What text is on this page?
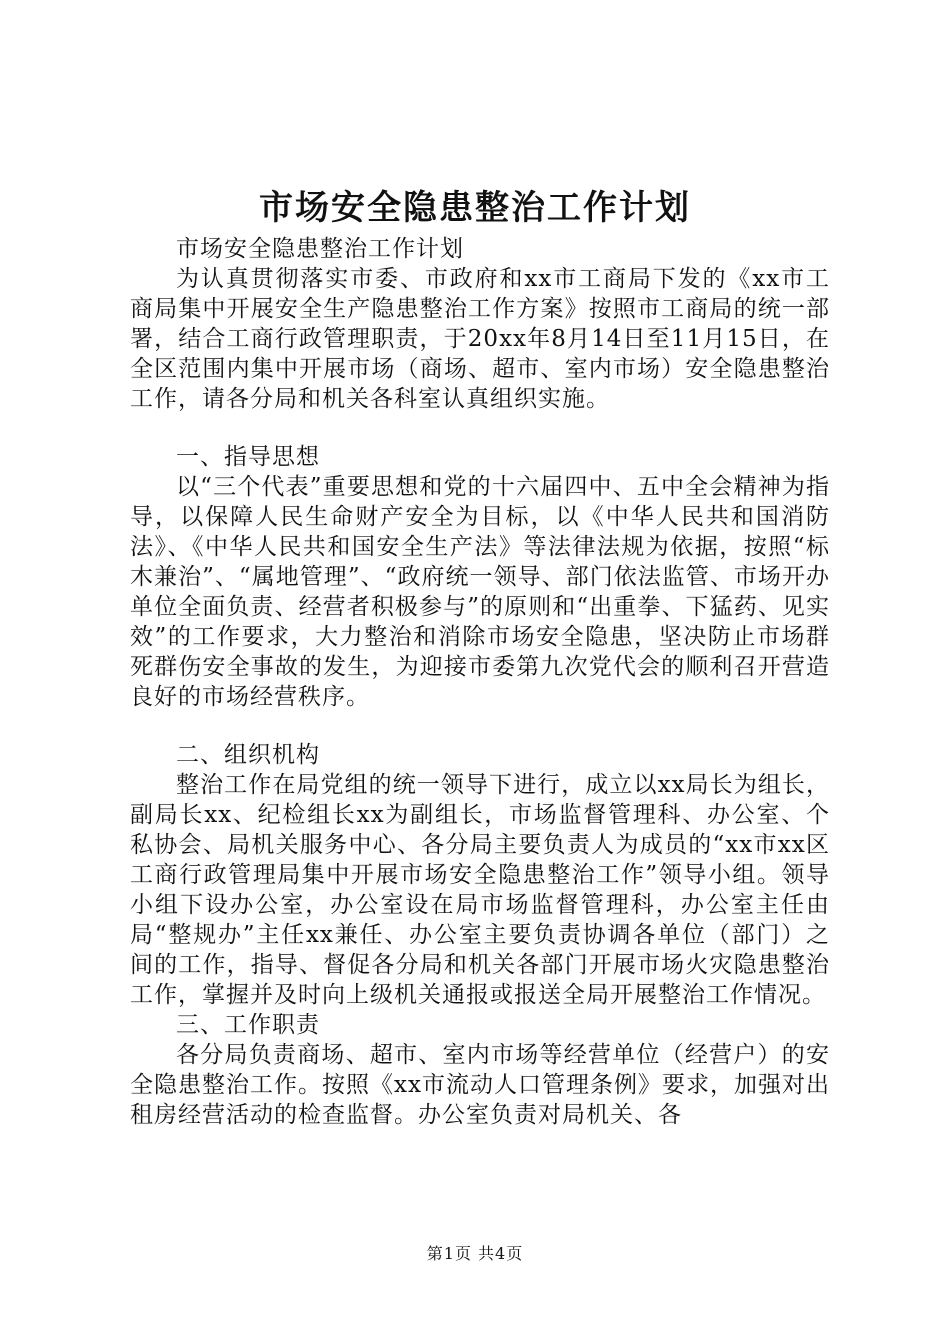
市场安全隐患整治工作计划

市场安全隐患整治工作计划

为认真贯彻落实市委、市政府和xx市工商局下发的《xx市工商局集中开展安全生产隐患整治工作方案》按照市工商局的统一部署，结合工商行政管理职责，于20xx年8月14日至11月15日，在全区范围内集中开展市场（商场、超市、室内市场）安全隐患整治工作，请各分局和机关各科室认真组织实施。

一、指导思想

以“三个代表”重要思想和党的十六届四中、五中全会精神为指导，以保障人民生命财产安全为目标，以《中华人民共和国消防法》、《中华人民共和国安全生产法》等法律法规为依据，按照“标木兼治”、“属地管理”、“政府统一领导、部门依法监管、市场开办单位全面负责、经营者积极参与”的原则和“出重拳、下猛药、见实效”的工作要求，大力整治和消除市场安全隐患，坚决防止市场群死群伤安全事故的发生，为迎接市委第九次党代会的顺利召开营造良好的市场经营秩序。

二、组织机构

整治工作在局党组的统一领导下进行，成立以xx局长为组长，副局长xx、纪检组长xx为副组长，市场监督管理科、办公室、个私协会、局机关服务中心、各分局主要负责人为成员的“xx市xx区工商行政管理局集中开展市场安全隐患整治工作”领导小组。领导小组下设办公室，办公室设在局市场监督管理科，办公室主任由局“整规办”主任xx兼任、办公室主要负责协调各单位（部门）之间的工作，指导、督促各分局和机关各部门开展市场火灾隐患整治工作，掌握并及时向上级机关通报或报送全局开展整治工作情况。

三、工作职责

各分局负责商场、超市、室内市场等经营单位（经营户）的安全隐患整治工作。按照《xx市流动人口管理条例》要求，加强对出租房经营活动的检查监督。办公室负责对局机关、各

第1页 共4页
